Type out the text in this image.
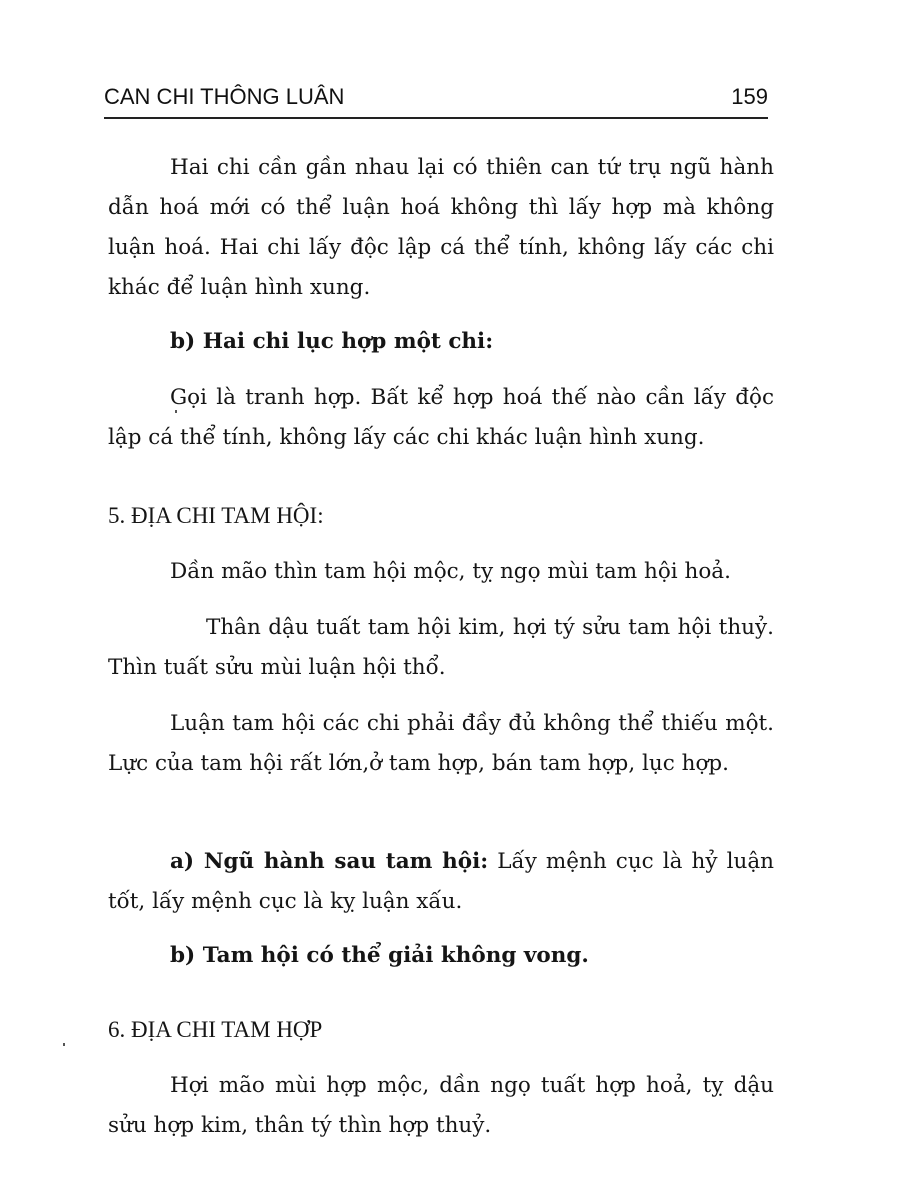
CAN CHI THÔNG LUÂN	159

Hai chi cần gần nhau lại có thiên can tứ trụ ngũ hành dẫn hoá mới có thể luận hoá không thì lấy hợp mà không luận hoá. Hai chi lấy độc lập cá thể tính, không lấy các chi khác để luận hình xung.

b) Hai chi lục hợp một chi:

Gọi là tranh hợp. Bất kể hợp hoá thế nào cần lấy độc lập cá thể tính, không lấy các chi khác luận hình xung.

5. ĐỊA CHI TAM HỘI:

Dần mão thìn tam hội mộc, tỵ ngọ mùi tam hội hoả.

Thân dậu tuất tam hội kim, hợi tý sửu tam hội thuỷ. Thìn tuất sửu mùi luận hội thổ.

Luận tam hội các chi phải đầy đủ không thể thiếu một. Lực của tam hội rất lớn,ở tam hợp, bán tam hợp, lục hợp.

a) Ngũ hành sau tam hội: Lấy mệnh cục là hỷ luận tốt, lấy mệnh cục là kỵ luận xấu.

b) Tam hội có thể giải không vong.

6. ĐỊA CHI TAM HỢP

Hợi mão mùi hợp mộc, dần ngọ tuất hợp hoả, tỵ dậu sửu hợp kim, thân tý thìn hợp thuỷ.
